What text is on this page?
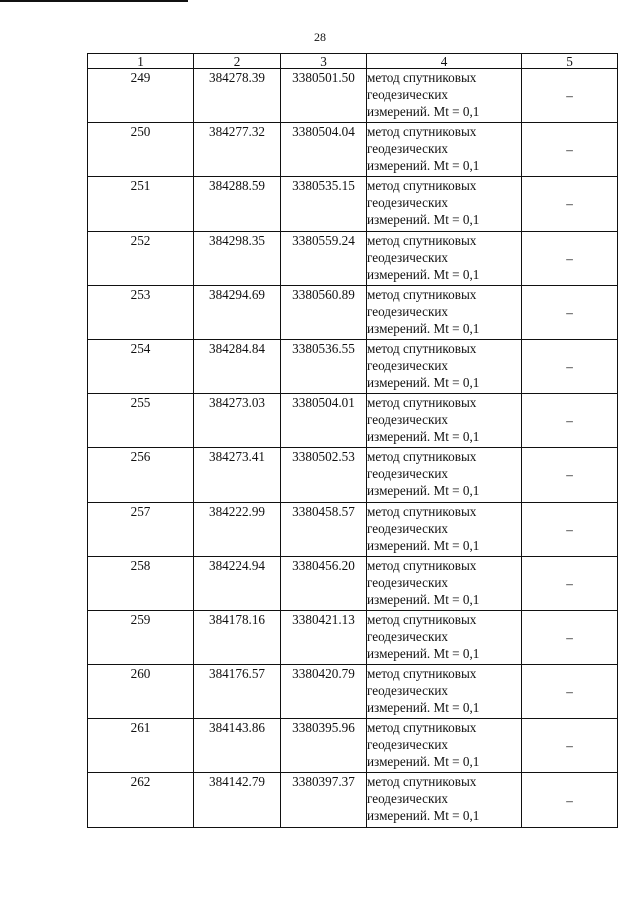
28
1	2	3	4	5
249	384278.39	3380501.50	метод спутниковых
геодезических
измерений. Mt = 0,1	–
250	384277.32	3380504.04	метод спутниковых
геодезических
измерений. Mt = 0,1	–
251	384288.59	3380535.15	метод спутниковых
геодезических
измерений. Mt = 0,1	–
252	384298.35	3380559.24	метод спутниковых
геодезических
измерений. Mt = 0,1	–
253	384294.69	3380560.89	метод спутниковых
геодезических
измерений. Mt = 0,1	–
254	384284.84	3380536.55	метод спутниковых
геодезических
измерений. Mt = 0,1	–
255	384273.03	3380504.01	метод спутниковых
геодезических
измерений. Mt = 0,1	–
256	384273.41	3380502.53	метод спутниковых
геодезических
измерений. Mt = 0,1	–
257	384222.99	3380458.57	метод спутниковых
геодезических
измерений. Mt = 0,1	–
258	384224.94	3380456.20	метод спутниковых
геодезических
измерений. Mt = 0,1	–
259	384178.16	3380421.13	метод спутниковых
геодезических
измерений. Mt = 0,1	–
260	384176.57	3380420.79	метод спутниковых
геодезических
измерений. Mt = 0,1	–
261	384143.86	3380395.96	метод спутниковых
геодезических
измерений. Mt = 0,1	–
262	384142.79	3380397.37	метод спутниковых
геодезических
измерений. Mt = 0,1	–
